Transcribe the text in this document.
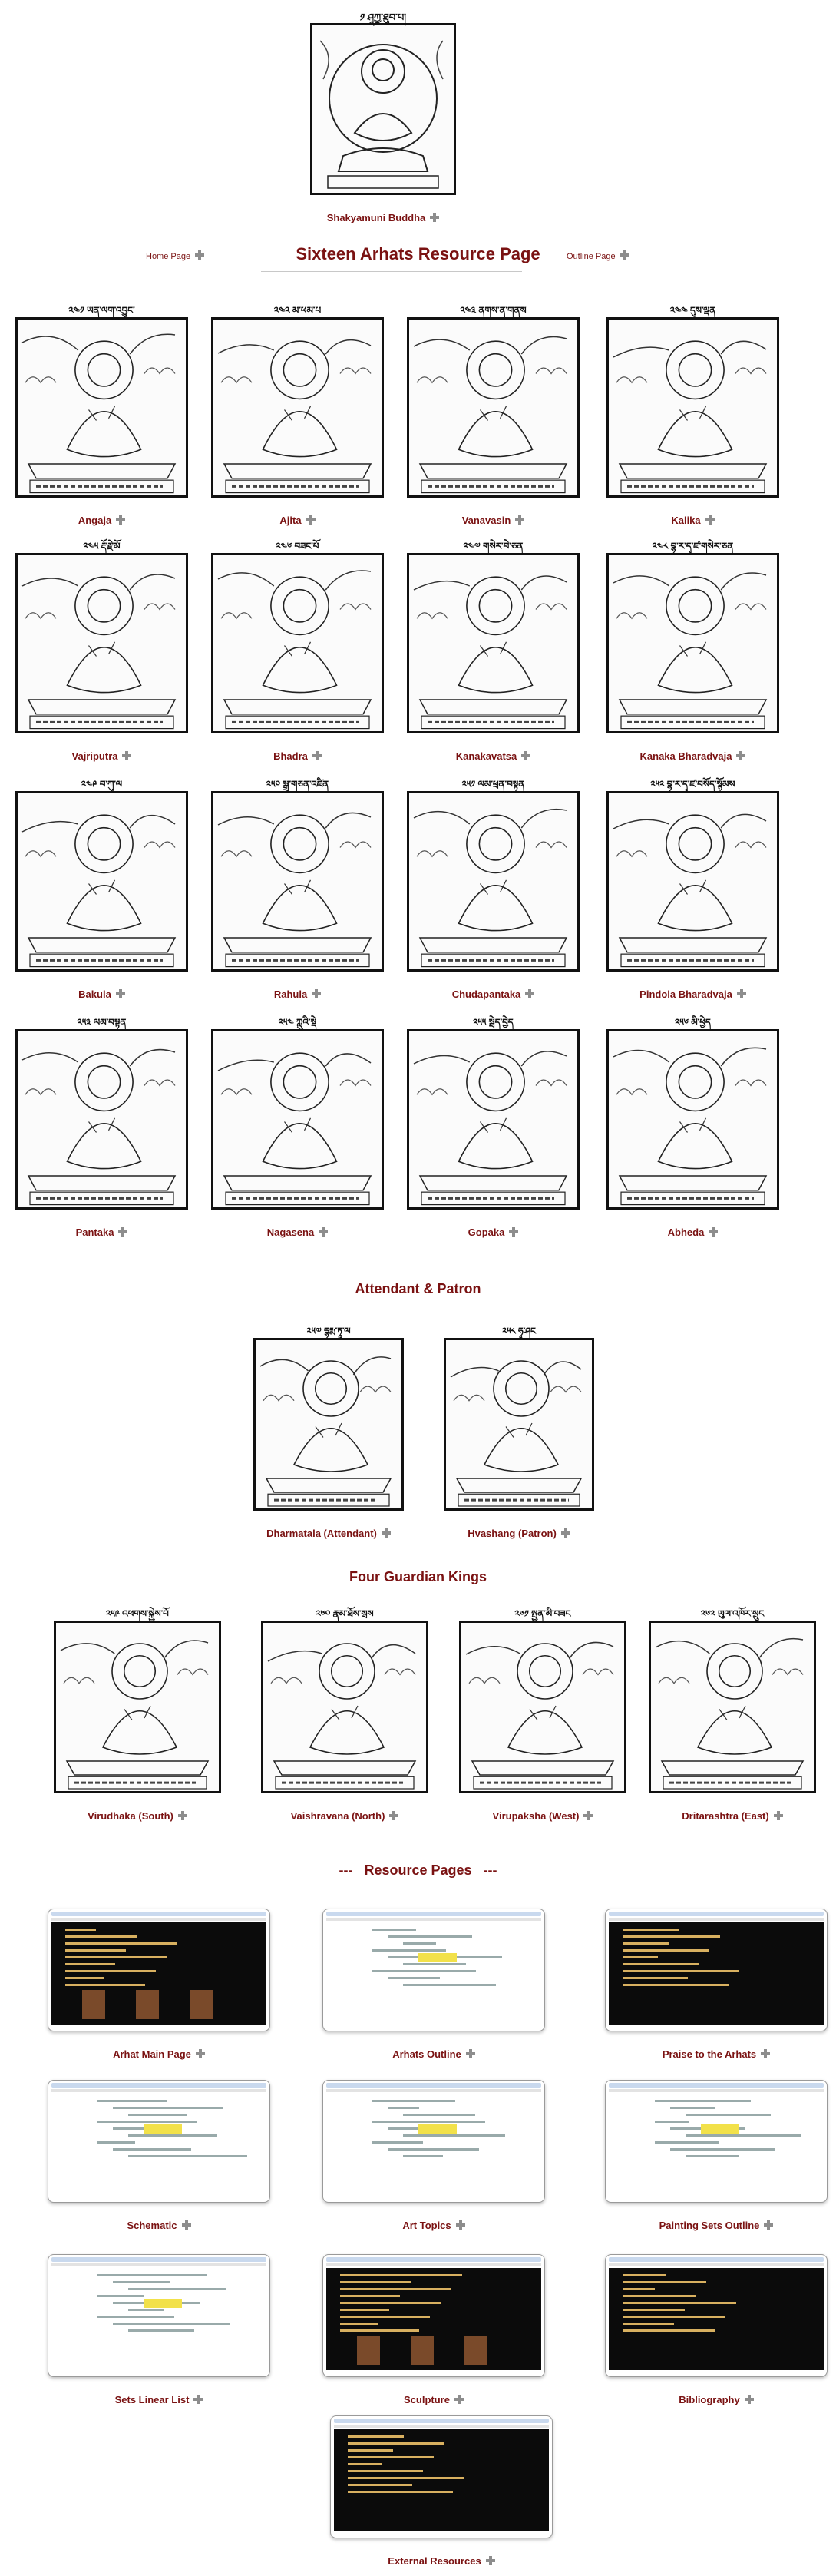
༡ ཤཱཀྱ་ཐུབ་པ།
Shakyamuni Buddha
Home Page	Sixteen Arhats Resource Page	Outline Page
Attendant & Patron
Four Guardian Kings
---   Resource Pages   ---
༢༤༡ ཡན་ལག་འབྱུང་
Angaja
༢༤༢ མ་ཕམ་པ
Ajita
༢༤༣ ནགས་ན་གནས
Vanavasin
༢༤༤ དུས་ལྡན
Kalika
༢༤༥ རྡོ་རྗེ་མོ
Vajriputra
༢༤༦ བཟང་པོ
Bhadra
༢༤༧ གསེར་བེ་ཅན
Kanakavatsa
༢༤༨ བྷ་ར་དྭ་ཛ་གསེར་ཅན
Kanaka Bharadvaja
༢༤༩ བ་ཀུ་ལ
Bakula
༢༥༠ སྒྲ་གཅན་འཛིན
Rahula
༢༥༡ ལམ་ཕྲན་བསྟན
Chudapantaka
༢༥༢ བྷ་ར་དྭ་ཛ་བསོད་སྙོམས
Pindola Bharadvaja
༢༥༣ ལམ་བསྟན
Pantaka
༢༥༤ ཀླུའི་སྡེ
Nagasena
༢༥༥ སྦེད་བྱེད
Gopaka
༢༥༦ མི་ཕྱེད
Abheda
༢༥༧ དྷརྨ་ཏཱ་ལ
Dharmatala (Attendant)
༢༥༨ ཧྭ་ཤང
Hvashang (Patron)
༢༥༩ འཕགས་སྐྱེས་པོ
Virudhaka (South)
༢༦༠ རྣམ་ཐོས་སྲས
Vaishravana (North)
༢༦༡ སྤྱན་མི་བཟང
Virupaksha (West)
༢༦༢ ཡུལ་འཁོར་སྲུང
Dritarashtra (East)
Arhat Main Page	Arhats Outline	Praise to the Arhats
Schematic	Art Topics	Painting Sets Outline
Sets Linear List	Sculpture	Bibliography
External Resources
